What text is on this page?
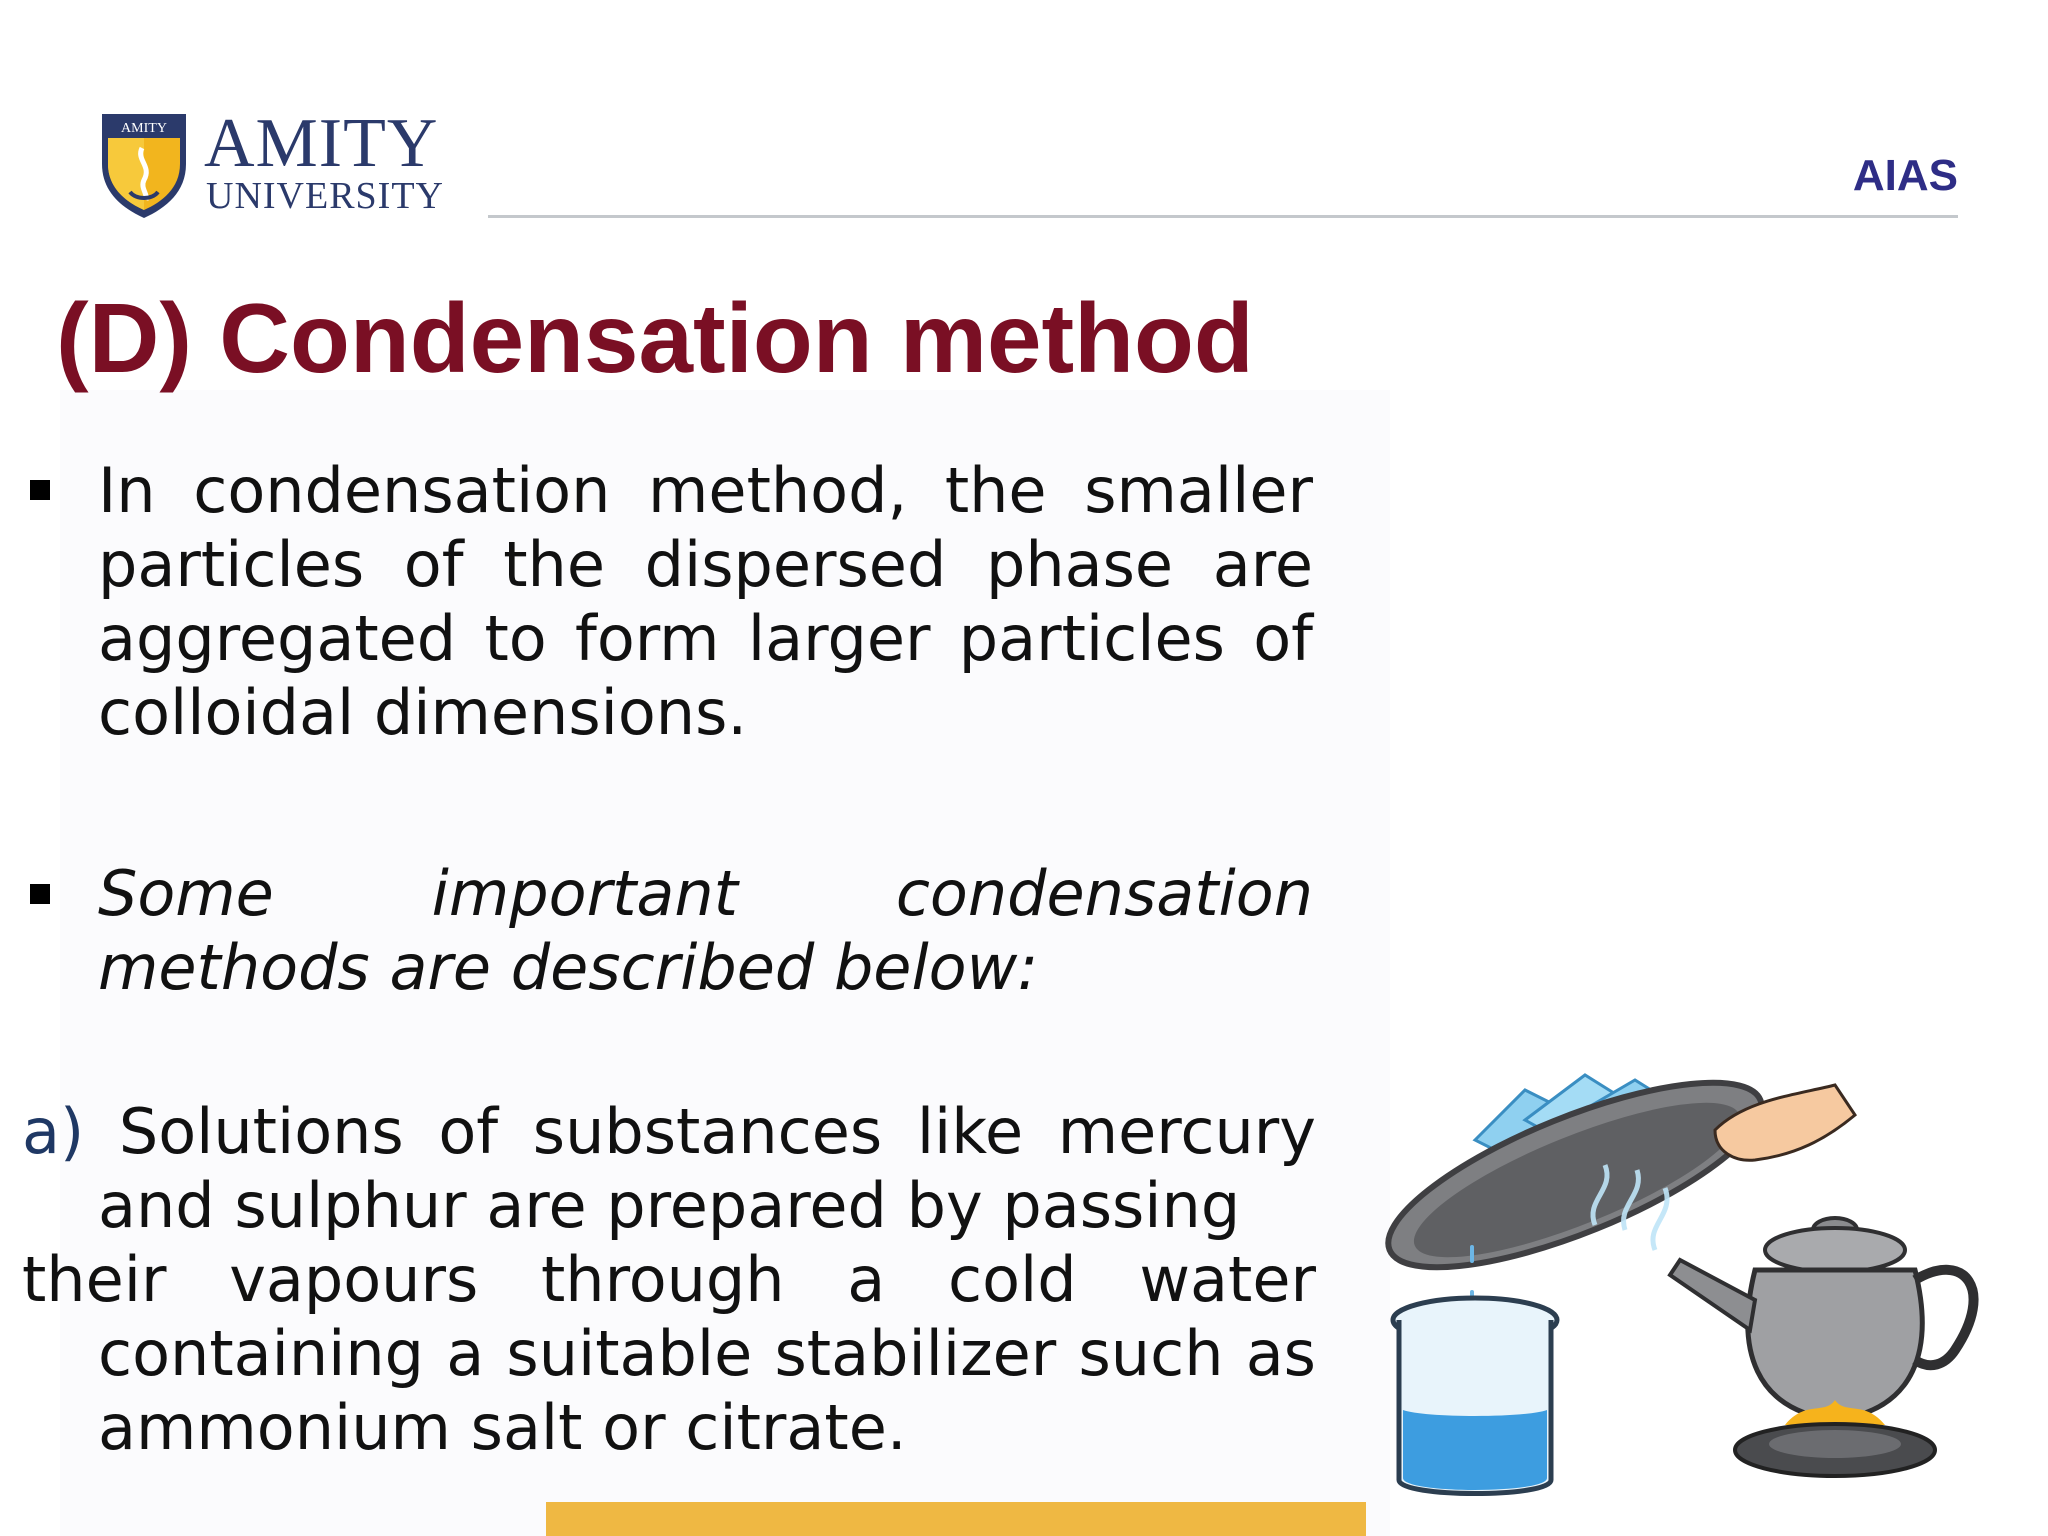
AMITY AMITY
UNIVERSITY	AIAS
(D) Condensation method
In condensation method, the smaller particles of the dispersed phase are aggregated to form larger particles of colloidal dimensions.
Some important condensation methods are described below:
a) Solutions of substances like mercury
and sulphur are prepared by passing
their vapours through a cold water
containing a suitable stabilizer such as
ammonium salt or citrate.
